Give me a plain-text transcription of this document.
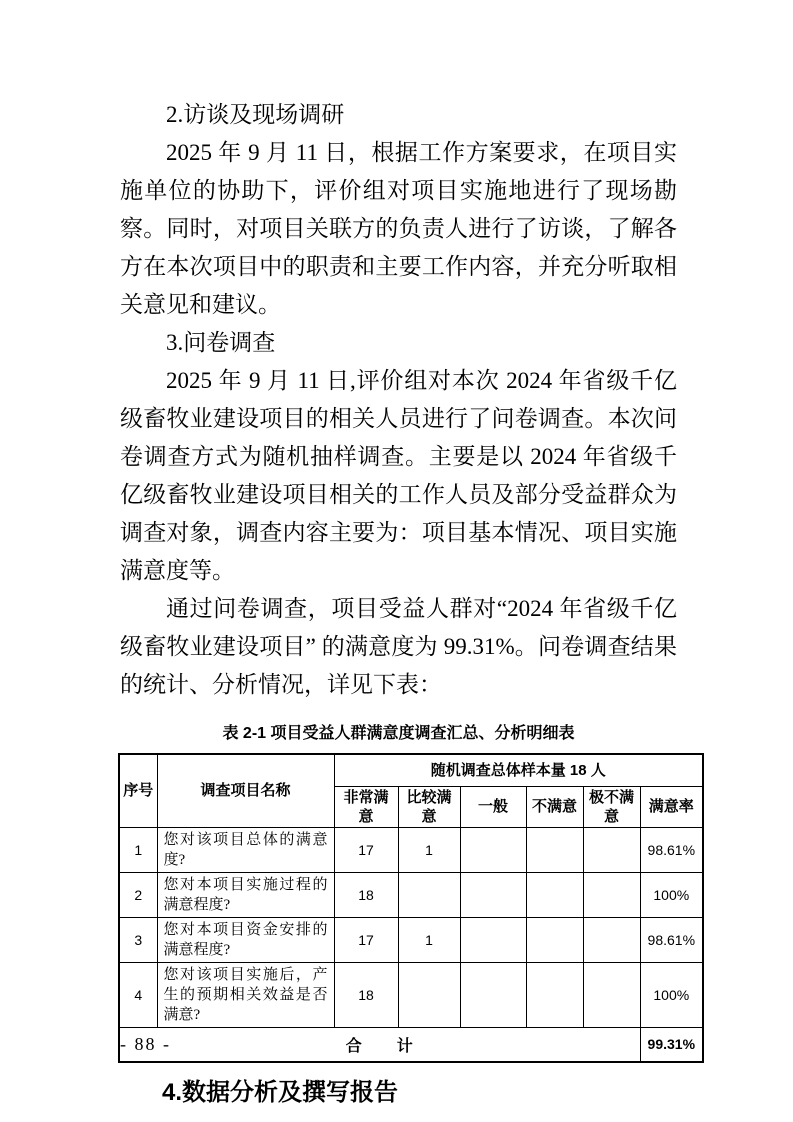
2.访谈及现场调研

2025 年 9 月 11 日，根据工作方案要求，在项目实施单位的协助下，评价组对项目实施地进行了现场勘察。同时，对项目关联方的负责人进行了访谈，了解各方在本次项目中的职责和主要工作内容，并充分听取相关意见和建议。

3.问卷调查

2025 年 9 月 11 日,评价组对本次 2024 年省级千亿级畜牧业建设项目的相关人员进行了问卷调查。本次问卷调查方式为随机抽样调查。主要是以 2024 年省级千亿级畜牧业建设项目相关的工作人员及部分受益群众为调查对象，调查内容主要为：项目基本情况、项目实施满意度等。

通过问卷调查，项目受益人群对“2024 年省级千亿级畜牧业建设项目” 的满意度为 99.31%。问卷调查结果的统计、分析情况，详见下表：

表 2-1 项目受益人群满意度调查汇总、分析明细表
序号	调查项目名称	随机调查总体样本量 18 人					
		非常满意	比较满意	一般	不满意	极不满意	满意率
1	您对该项目总体的满意度?	17	1				98.61%
2	您对本项目实施过程的满意程度?	18					100%
3	您对本项目资金安排的满意程度?	17	1				98.61%
4	您对该项目实施后，产生的预期相关效益是否满意?	18					100%
合　　计							99.31%
4.数据分析及撰写报告
- 88 -
